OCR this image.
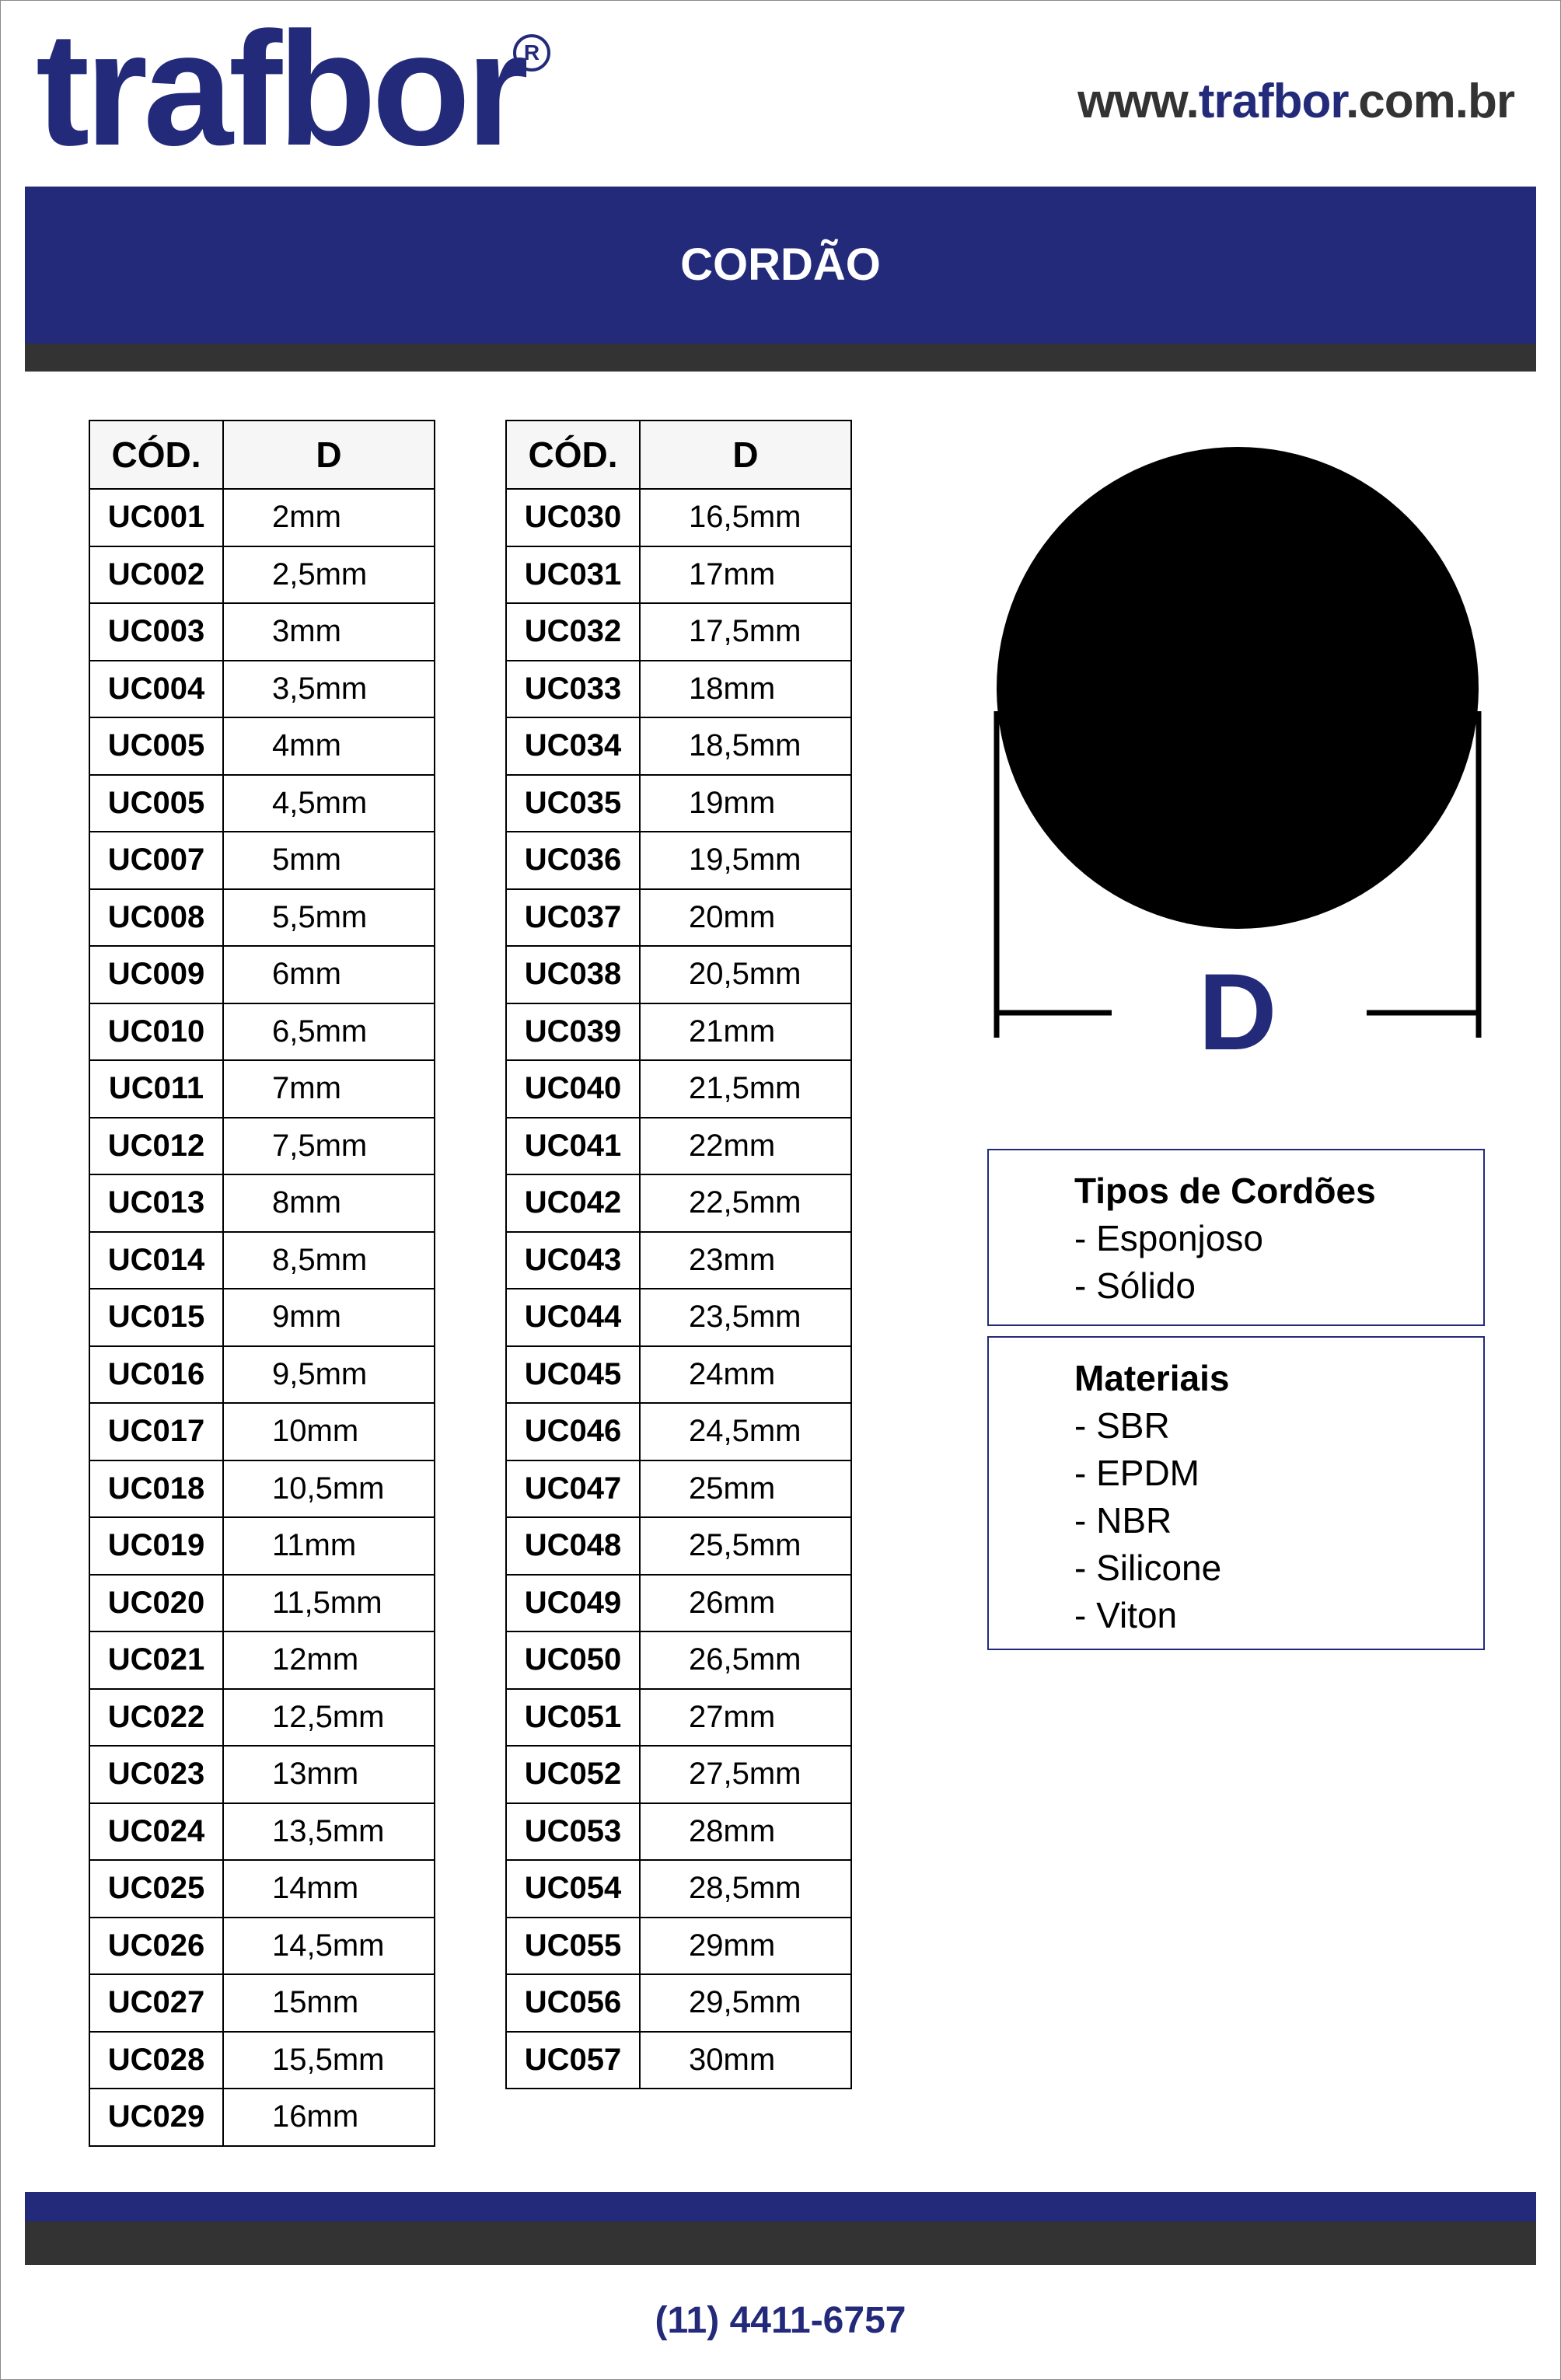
trafbor R
www.trafbor.com.br
CORDÃO
CÓD.	D
UC001	2mm
UC002	2,5mm
UC003	3mm
UC004	3,5mm
UC005	4mm
UC005	4,5mm
UC007	5mm
UC008	5,5mm
UC009	6mm
UC010	6,5mm
UC011	7mm
UC012	7,5mm
UC013	8mm
UC014	8,5mm
UC015	9mm
UC016	9,5mm
UC017	10mm
UC018	10,5mm
UC019	11mm
UC020	11,5mm
UC021	12mm
UC022	12,5mm
UC023	13mm
UC024	13,5mm
UC025	14mm
UC026	14,5mm
UC027	15mm
UC028	15,5mm
UC029	16mm
CÓD.	D
UC030	16,5mm
UC031	17mm
UC032	17,5mm
UC033	18mm
UC034	18,5mm
UC035	19mm
UC036	19,5mm
UC037	20mm
UC038	20,5mm
UC039	21mm
UC040	21,5mm
UC041	22mm
UC042	22,5mm
UC043	23mm
UC044	23,5mm
UC045	24mm
UC046	24,5mm
UC047	25mm
UC048	25,5mm
UC049	26mm
UC050	26,5mm
UC051	27mm
UC052	27,5mm
UC053	28mm
UC054	28,5mm
UC055	29mm
UC056	29,5mm
UC057	30mm
D
Tipos de Cordões
- Esponjoso
- Sólido
Materiais
- SBR
- EPDM
- NBR
- Silicone
- Viton
(11) 4411-6757
